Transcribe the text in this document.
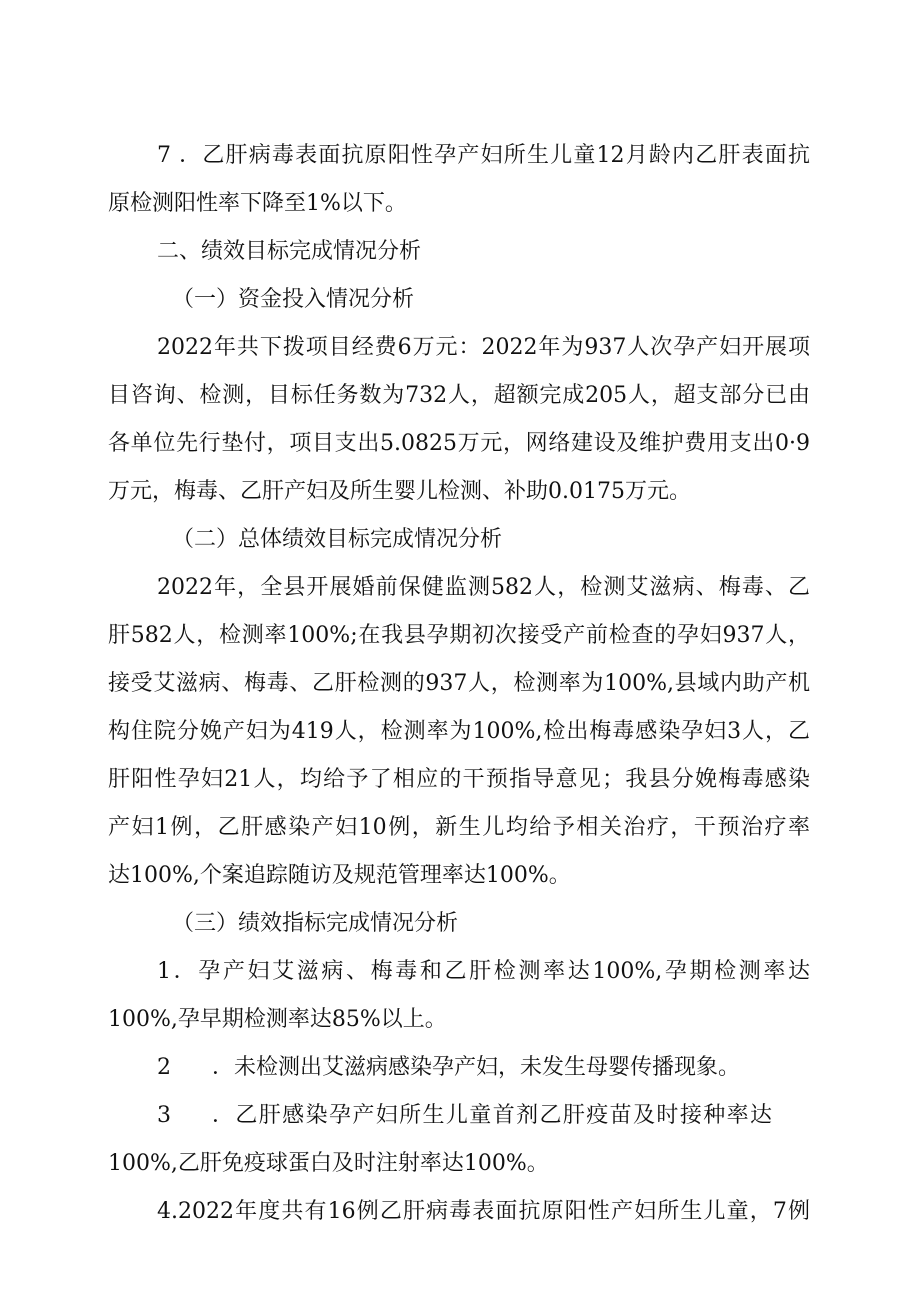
7 ．乙肝病毒表面抗原阳性孕产妇所生儿童12月龄内乙肝表面抗
原检测阳性率下降至1%以下。
二、绩效目标完成情况分析
（一）资金投入情况分析
2022年共下拨项目经费6万元：2022年为937人次孕产妇开展项
目咨询、检测，目标任务数为732人，超额完成205人，超支部分已由
各单位先行垫付，项目支出5.0825万元，网络建设及维护费用支出0·9
万元，梅毒、乙肝产妇及所生婴儿检测、补助0.0175万元。
（二）总体绩效目标完成情况分析
2022年，全县开展婚前保健监测582人，检测艾滋病、梅毒、乙
肝582人，检测率100%;在我县孕期初次接受产前检查的孕妇937人，
接受艾滋病、梅毒、乙肝检测的937人，检测率为100%,县域内助产机
构住院分娩产妇为419人，检测率为100%,检出梅毒感染孕妇3人，乙
肝阳性孕妇21人，均给予了相应的干预指导意见；我县分娩梅毒感染
产妇1例，乙肝感染产妇10例，新生儿均给予相关治疗，干预治疗率
达100%,个案追踪随访及规范管理率达100%。
（三）绩效指标完成情况分析
1．孕产妇艾滋病、梅毒和乙肝检测率达100%,孕期检测率达
100%,孕早期检测率达85%以上。
2 ．未检测出艾滋病感染孕产妇，未发生母婴传播现象。
3 ．乙肝感染孕产妇所生儿童首剂乙肝疫苗及时接种率达
100%,乙肝免疫球蛋白及时注射率达100%。
4.2022年度共有16例乙肝病毒表面抗原阳性产妇所生儿童，7例
